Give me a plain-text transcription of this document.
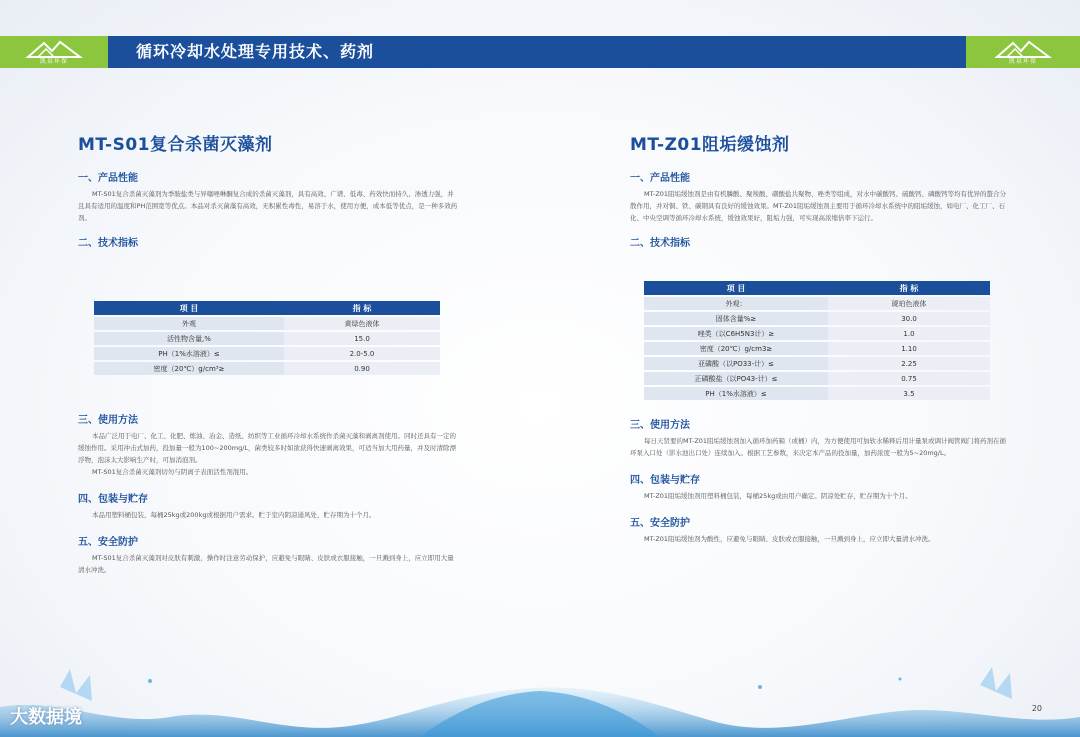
凯泉环保	循环冷却水处理专用技术、药剂	凯泉环保
MT-S01复合杀菌灭藻剂
一、产品性能
MT-S01复合杀菌灭藻剂为季胺盐类与异噻唑啉酮复合成的杀菌灭藻剂，具有高效、广谱、低毒、药效快而持久、渗透力强，并且具有适用的温度和PH范围宽等优点。本品对杀灭菌藻有高效，无积累性毒性，易溶于水，使用方便，成本低等优点，是一种多效药剂。
二、技术指标
项 目	指 标
外观	黄绿色液体
活性物含量,%	15.0
PH（1%水溶液）≤	2.0-5.0
密度（20℃）g/cm³≥	0.90
三、使用方法
本品广泛用于电厂、化工、化肥、炼油、冶金、造纸、纺织等工业循环冷却水系统作杀菌灭藻和剥离剂使用。同时还具有一定的缓蚀作用。采用冲击式加药，投加量一般为100~200mg/L，菌类较多时如欲获得快速剥离效果，可适当加大用药量，并及时清除漂浮物，泡沫太大影响生产时，可加消泡剂。
MT-S01复合杀菌灭藻剂切勿与阴离子表面活性剂混用。
四、包装与贮存
本品用塑料桶包装，每桶25kg或200kg或根据用户需求。贮于室内阴凉通风处，贮存期为十个月。
五、安全防护
MT-S01复合杀菌灭藻剂对皮肤有刺激，操作时注意劳动保护，应避免与眼睛、皮肤或衣服接触，一旦溅到身上，应立即用大量清水冲洗。
MT-Z01阻垢缓蚀剂
一、产品性能
MT-Z01阻垢缓蚀剂是由有机膦酸、聚羧酸、磺酸盐共聚物、唑类等组成，对水中碳酸钙、硫酸钙、磷酸钙等均有优异的螯合分散作用，并对铜、铁、碳钢具有良好的缓蚀效果。MT-Z01阻垢缓蚀剂主要用于循环冷却水系统中的阻垢缓蚀，如电厂、化工厂、石化、中央空调等循环冷却水系统，缓蚀效果好，阻垢力强，可实现高浓缩倍率下运行。
二、技术指标
项 目	指 标
外观：	琥珀色液体
固体含量%≥	30.0
唑类（以C6H5N3计）≥	1.0
密度（20℃）g/cm3≥	1.10
亚磷酸（以PO33-计）≤	2.25
正磷酸盐（以PO43-计）≤	0.75
PH（1%水溶液）≤	3.5
三、使用方法
每日天贤要的MT-Z01阻垢缓蚀剂加入循环加药箱（或桶）内，为方便使用可加软水稀释后用计量泵或调计阀管阀门将药剂在循环泵入口处（影水池出口处）连续加入。根据工艺参数，来决定本产品的投加量，加药浓度一般为5~20mg/L。
四、包装与贮存
MT-Z01阻垢缓蚀剂用塑料桶包装，每桶25kg或由用户确定。阴凉处贮存，贮存期为十个月。
五、安全防护
MT-Z01阻垢缓蚀剂为酸性，应避免与眼睛、皮肤或衣服接触，一旦溅到身上，应立即大量清水冲洗。
大数据境	20
